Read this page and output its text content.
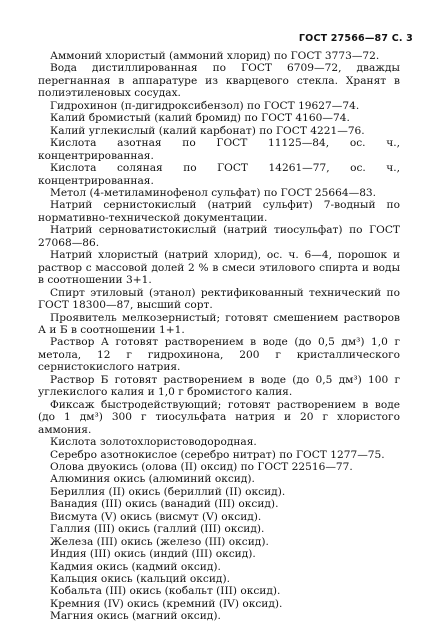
ГОСТ 27566—87 С. 3

Аммоний хлористый (аммоний хлорид) по ГОСТ 3773—72.

Вода дистиллированная по ГОСТ 6709—72, дважды перегнанная в аппаратуре из кварцевого стекла. Хранят в полиэтиленовых сосудах.

Гидрохинон (п-дигидроксибензол) по ГОСТ 19627—74.

Калий бромистый (калий бромид) по ГОСТ 4160—74.

Калий углекислый (калий карбонат) по ГОСТ 4221—76.

Кислота азотная по ГОСТ 11125—84, ос. ч., концентрированная.

Кислота соляная по ГОСТ 14261—77, ос. ч., концентрированная.

Метол (4-метиламинофенол сульфат) по ГОСТ 25664—83.

Натрий сернистокислый (натрий сульфит) 7-водный по нормативно-технической документации.

Натрий серноватистокислый (натрий тиосульфат) по ГОСТ 27068—86.

Натрий хлористый (натрий хлорид), ос. ч. 6—4, порошок и раствор с массовой долей 2 % в смеси этилового спирта и воды в соотношении 3+1.

Спирт этиловый (этанол) ректификованный технический по ГОСТ 18300—87, высший сорт.

Проявитель мелкозернистый; готовят смешением растворов А и Б в соотношении 1+1.

Раствор А готовят растворением в воде (до 0,5 дм³) 1,0 г метола, 12 г гидрохинона, 200 г кристаллического сернистокислого натрия.

Раствор Б готовят растворением в воде (до 0,5 дм³) 100 г углекислого калия и 1,0 г бромистого калия.

Фиксаж быстродействующий; готовят растворением в воде (до 1 дм³) 300 г тиосульфата натрия и 20 г хлористого аммония.

Кислота золотохлористоводородная.

Серебро азотнокислое (серебро нитрат) по ГОСТ 1277—75.

Олова двуокись (олова (II) оксид) по ГОСТ 22516—77.

Алюминия окись (алюминий оксид).

Бериллия (II) окись (бериллий (II) оксид).

Ванадия (III) окись (ванадий (III) оксид).

Висмута (V) окись (висмут (V) оксид).

Галлия (III) окись (галлий (III) оксид).

Железа (III) окись (железо (III) оксид).

Индия (III) окись (индий (III) оксид).

Кадмия окись (кадмий оксид).

Кальция окись (кальций оксид).

Кобальта (III) окись (кобальт (III) оксид).

Кремния (IV) окись (кремний (IV) оксид).

Магния окись (магний оксид).
